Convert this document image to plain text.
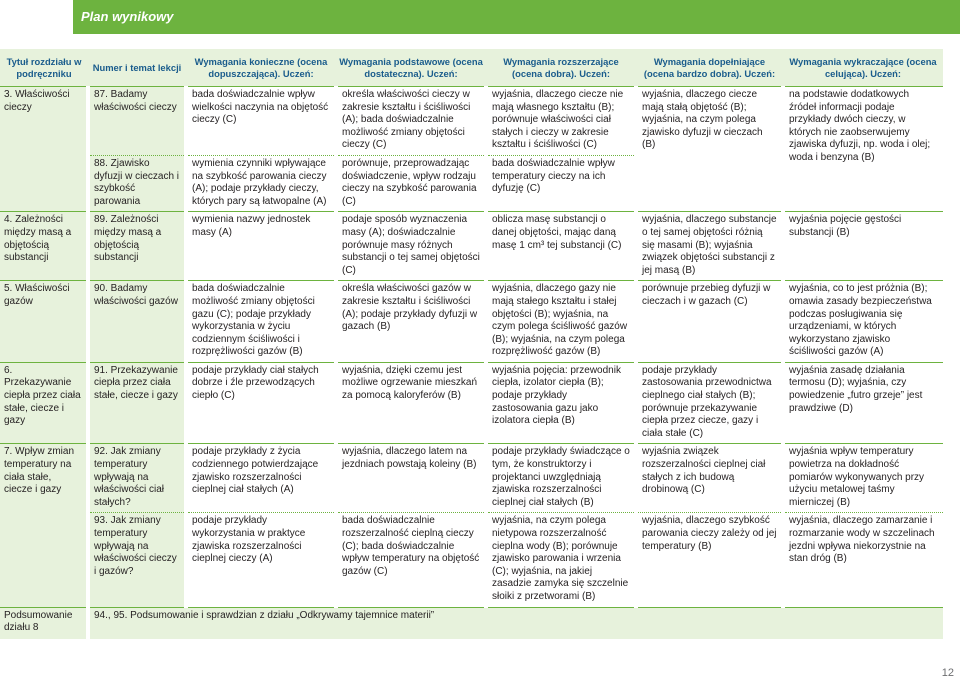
Plan wynikowy
Tytuł rozdziału w podręczniku	Numer i temat lekcji	Wymagania konieczne (ocena dopuszczająca). Uczeń:	Wymagania podstawowe (ocena dostateczna). Uczeń:	Wymagania rozszerzające (ocena dobra). Uczeń:	Wymagania dopełniające (ocena bardzo dobra). Uczeń:	Wymagania wykraczające (ocena celująca). Uczeń:
3. Właściwości cieczy	87. Badamy właściwości cieczy	bada doświadczalnie wpływ wielkości naczynia na objętość cieczy (C)	określa właściwości cieczy w zakresie kształtu i ściśliwości (A); bada doświadczalnie możliwość zmiany objętości cieczy (C)	wyjaśnia, dlaczego ciecze nie mają własnego kształtu (B); porównuje właściwości ciał stałych i cieczy w zakresie kształtu i ściśliwości (C)	wyjaśnia, dlaczego ciecze mają stałą objętość (B); wyjaśnia, na czym polega zjawisko dyfuzji w cieczach (B)	na podstawie dodatkowych źródeł informacji podaje przykłady dwóch cieczy, w których nie zaobserwujemy zjawiska dyfuzji, np. woda i olej; woda i benzyna (B)
	88. Zjawisko dyfuzji w cieczach i szybkość parowania	wymienia czynniki wpływające na szybkość parowania cieczy (A); podaje przykłady cieczy, których pary są łatwopalne (A)	porównuje, przeprowadzając doświadczenie, wpływ rodzaju cieczy na szybkość parowania (C)	bada doświadczalnie wpływ temperatury cieczy na ich dyfuzję (C)		
4. Zależności między masą a objętością substancji	89. Zależności między masą a objętością substancji	wymienia nazwy jednostek masy (A)	podaje sposób wyznaczenia masy (A); doświadczalnie porównuje masy różnych substancji o tej samej objętości (C)	oblicza masę substancji o danej objętości, mając daną masę 1 cm³ tej substancji (C)	wyjaśnia, dlaczego substancje o tej samej objętości różnią się masami (B); wyjaśnia związek objętości substancji z jej masą (B)	wyjaśnia pojęcie gęstości substancji (B)
5. Właściwości gazów	90. Badamy właściwości gazów	bada doświadczalnie możliwość zmiany objętości gazu (C); podaje przykłady wykorzystania w życiu codziennym ściśliwości i rozprężliwości gazów (B)	określa właściwości gazów w zakresie kształtu i ściśliwości (A); podaje przykłady dyfuzji w gazach (B)	wyjaśnia, dlaczego gazy nie mają stałego kształtu i stałej objętości (B); wyjaśnia, na czym polega ściśliwość gazów (B); wyjaśnia, na czym polega rozprężliwość gazów (B)	porównuje przebieg dyfuzji w cieczach i w gazach (C)	wyjaśnia, co to jest próżnia (B); omawia zasady bezpieczeństwa podczas posługiwania się urządzeniami, w których wykorzystano zjawisko ściśliwości gazów (A)
6. Przekazywanie ciepła przez ciała stałe, ciecze i gazy	91. Przekazywanie ciepła przez ciała stałe, ciecze i gazy	podaje przykłady ciał stałych dobrze i źle przewodzących ciepło (C)	wyjaśnia, dzięki czemu jest możliwe ogrzewanie mieszkań za pomocą kaloryferów (B)	wyjaśnia pojęcia: przewodnik ciepła, izolator ciepła (B); podaje przykłady zastosowania gazu jako izolatora ciepła (B)	podaje przykłady zastosowania przewodnictwa cieplnego ciał stałych (B); porównuje przekazywanie ciepła przez ciecze, gazy i ciała stałe (C)	wyjaśnia zasadę działania termosu (D); wyjaśnia, czy powiedzenie „futro grzeje” jest prawdziwe (D)
7. Wpływ zmian temperatury na ciała stałe, ciecze i gazy	92. Jak zmiany temperatury wpływają na właściwości ciał stałych?	podaje przykłady z życia codziennego potwierdzające zjawisko rozszerzalności cieplnej ciał stałych (A)	wyjaśnia, dlaczego latem na jezdniach powstają koleiny (B)	podaje przykłady świadczące o tym, że konstruktorzy i projektanci uwzględniają zjawiska rozszerzalności cieplnej ciał stałych (B)	wyjaśnia związek rozszerzalności cieplnej ciał stałych z ich budową drobinową (C)	wyjaśnia wpływ temperatury powietrza na dokładność pomiarów wykonywanych przy użyciu metalowej taśmy mierniczej (B)
	93. Jak zmiany temperatury wpływają na właściwości cieczy i gazów?	podaje przykłady wykorzystania w praktyce zjawiska rozszerzalności cieplnej cieczy (A)	bada doświadczalnie rozszerzalność cieplną cieczy (C); bada doświadczalnie wpływ temperatury na objętość gazów (C)	wyjaśnia, na czym polega nietypowa rozszerzalność cieplna wody (B); porównuje zjawisko parowania i wrzenia (C); wyjaśnia, na jakiej zasadzie zamyka się szczelnie słoiki z przetworami (B)	wyjaśnia, dlaczego szybkość parowania cieczy zależy od jej temperatury (B)	wyjaśnia, dlaczego zamarzanie i rozmarzanie wody w szczelinach jezdni wpływa niekorzystnie na stan dróg (B)
Podsumowanie działu 8	94., 95. Podsumowanie i sprawdzian z działu „Odkrywamy tajemnice materii”					
12
